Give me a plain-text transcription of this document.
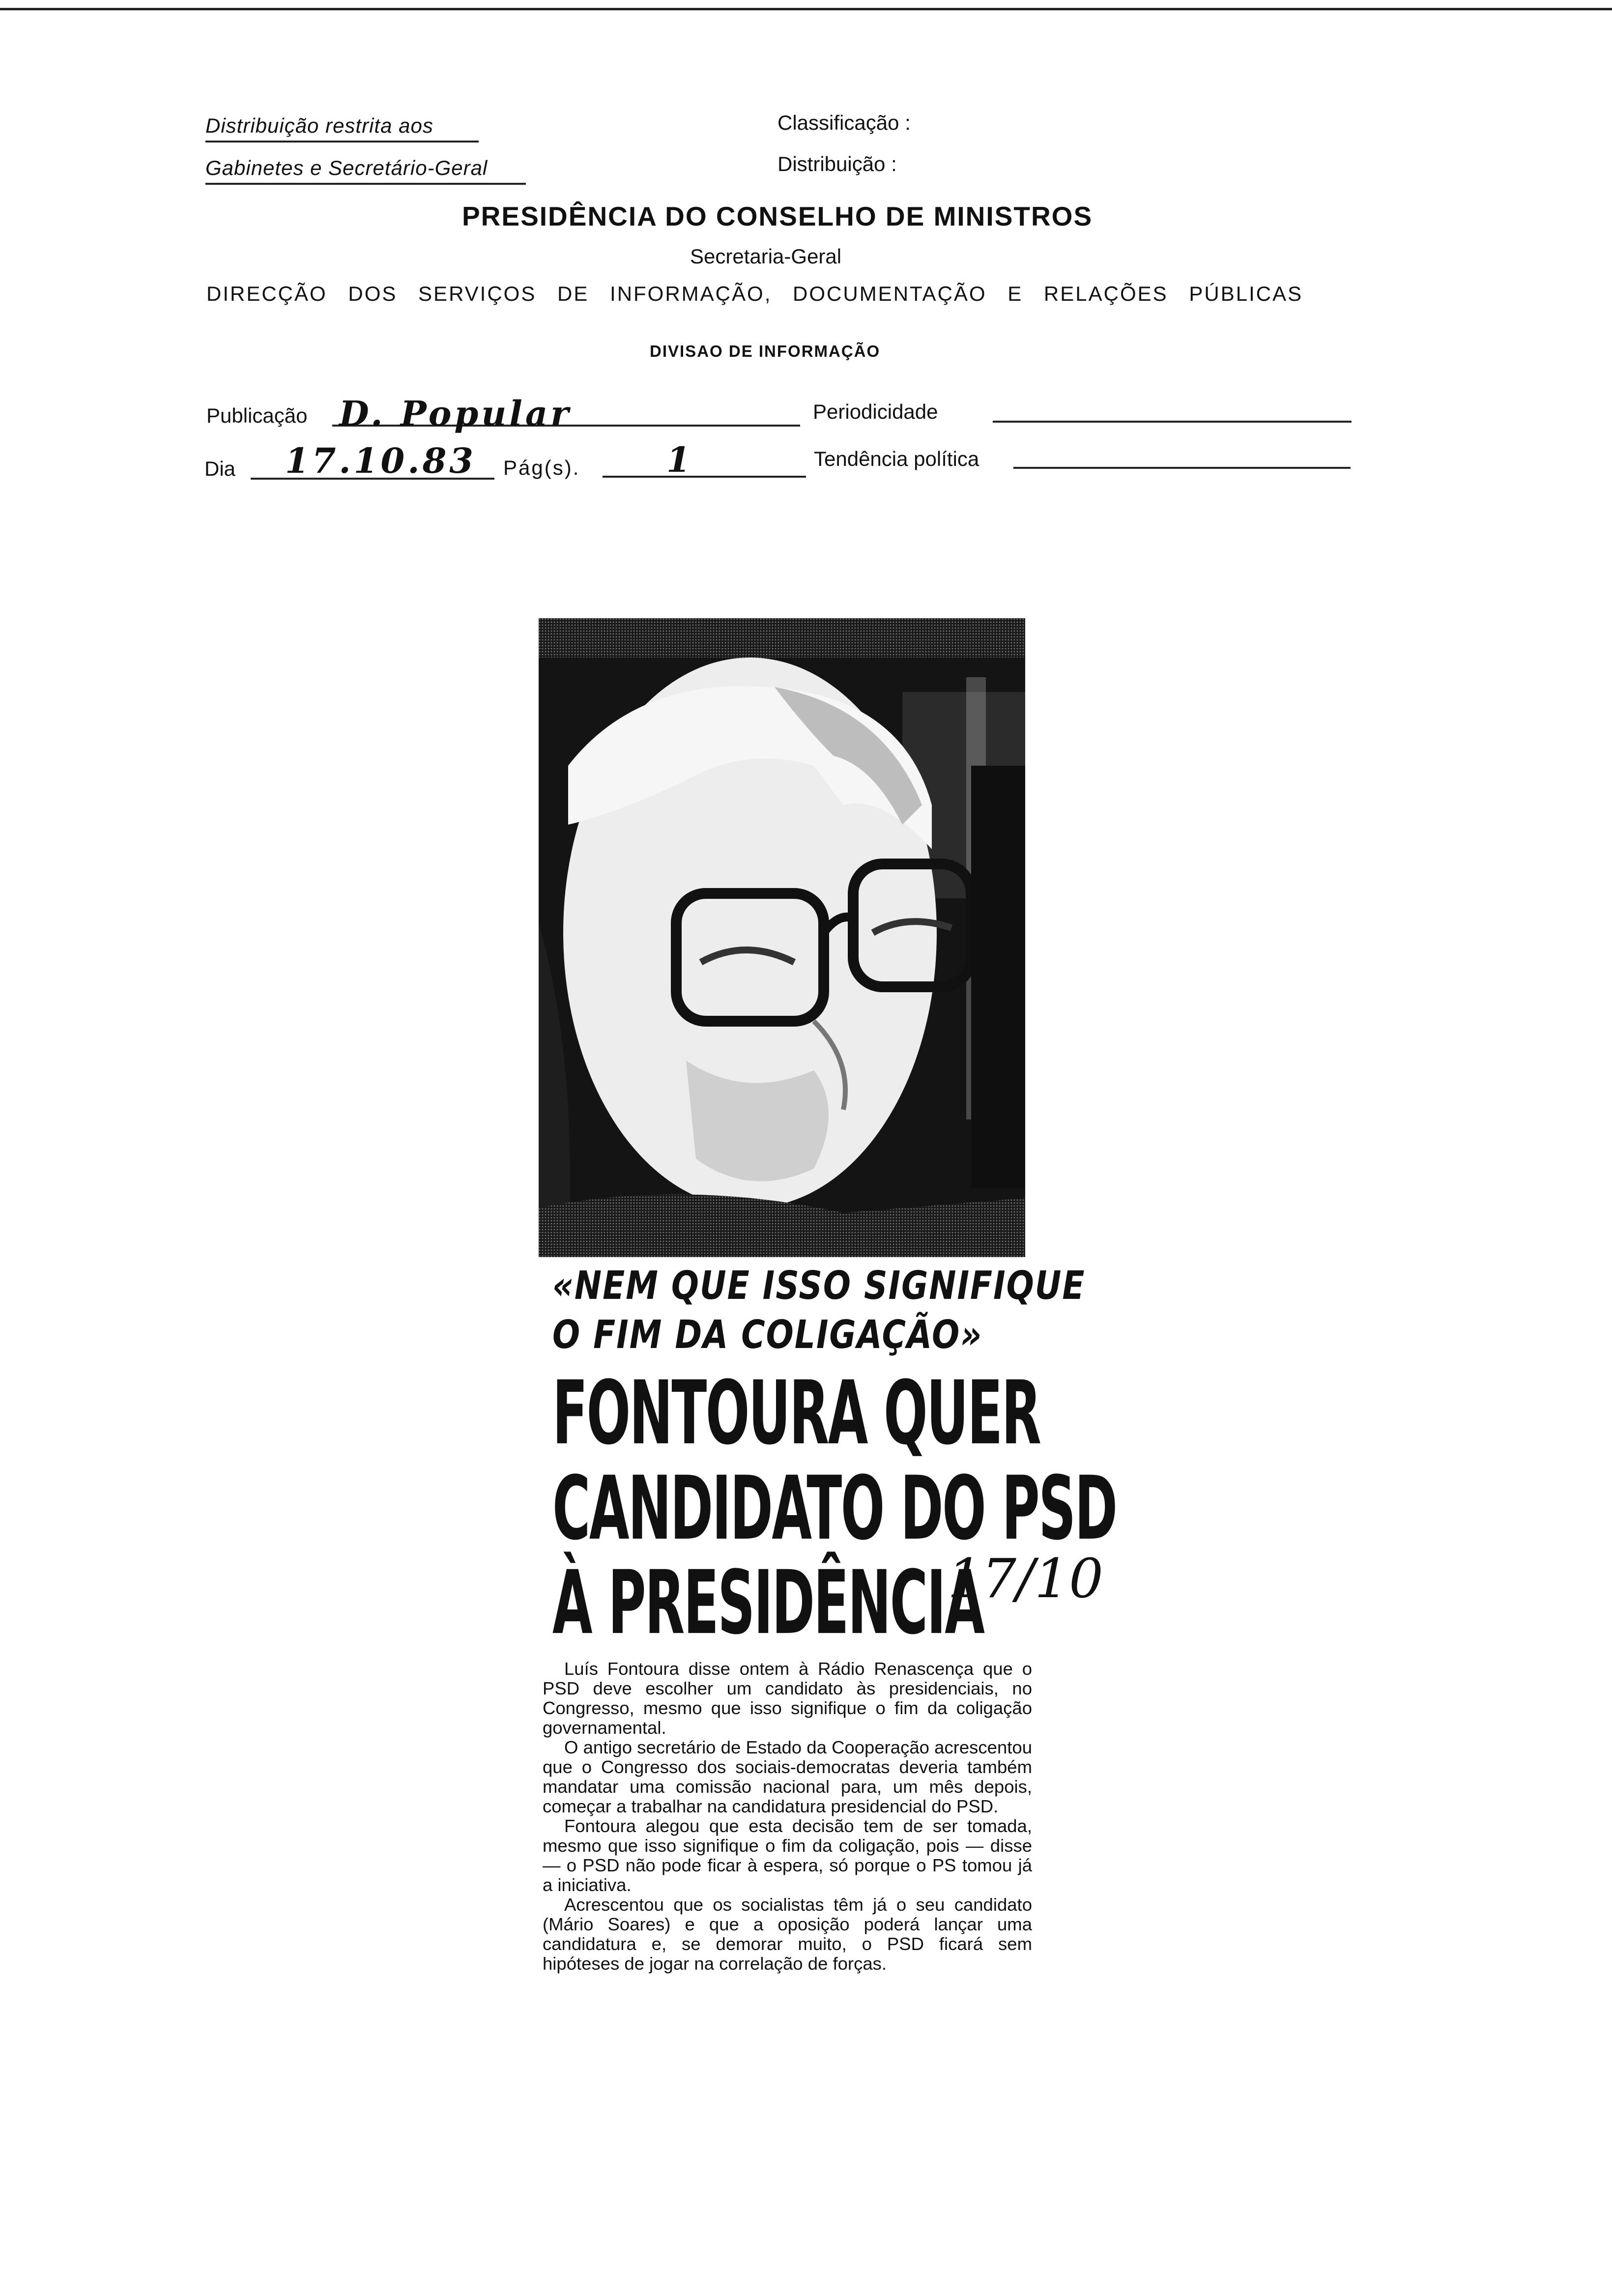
Distribuição restrita aos
Gabinetes e Secretário-Geral
Classificação :
Distribuição :
PRESIDÊNCIA DO CONSELHO DE MINISTROS
Secretaria-Geral
DIRECÇÃO DOS SERVIÇOS DE INFORMAÇÃO, DOCUMENTAÇÃO E RELAÇÕES PÚBLICAS
DIVISAO DE INFORMAÇÃO
Publicação D. Popular	Periodicidade
Dia 17.10.83 Pág(s).	1	Tendência política
«NEM QUE ISSO SIGNIFIQUE
O FIM DA COLIGAÇÃO»
FONTOURA QUER
CANDIDATO DO PSD
À PRESIDÊNCIA
17/10

Luís Fontoura disse ontem à Rádio Renascença que o PSD deve escolher um candidato às presidenciais, no Congresso, mesmo que isso signifique o fim da coligação governamental.

O antigo secretário de Estado da Cooperação acrescentou que o Congresso dos sociais-democratas deveria também mandatar uma comissão nacional para, um mês depois, começar a trabalhar na candidatura presidencial do PSD.

Fontoura alegou que esta decisão tem de ser tomada, mesmo que isso signifique o fim da coligação, pois — disse — o PSD não pode ficar à espera, só porque o PS tomou já a iniciativa.

Acrescentou que os socialistas têm já o seu candidato (Mário Soares) e que a oposição poderá lançar uma candidatura e, se demorar muito, o PSD ficará sem hipóteses de jogar na correlação de forças.
